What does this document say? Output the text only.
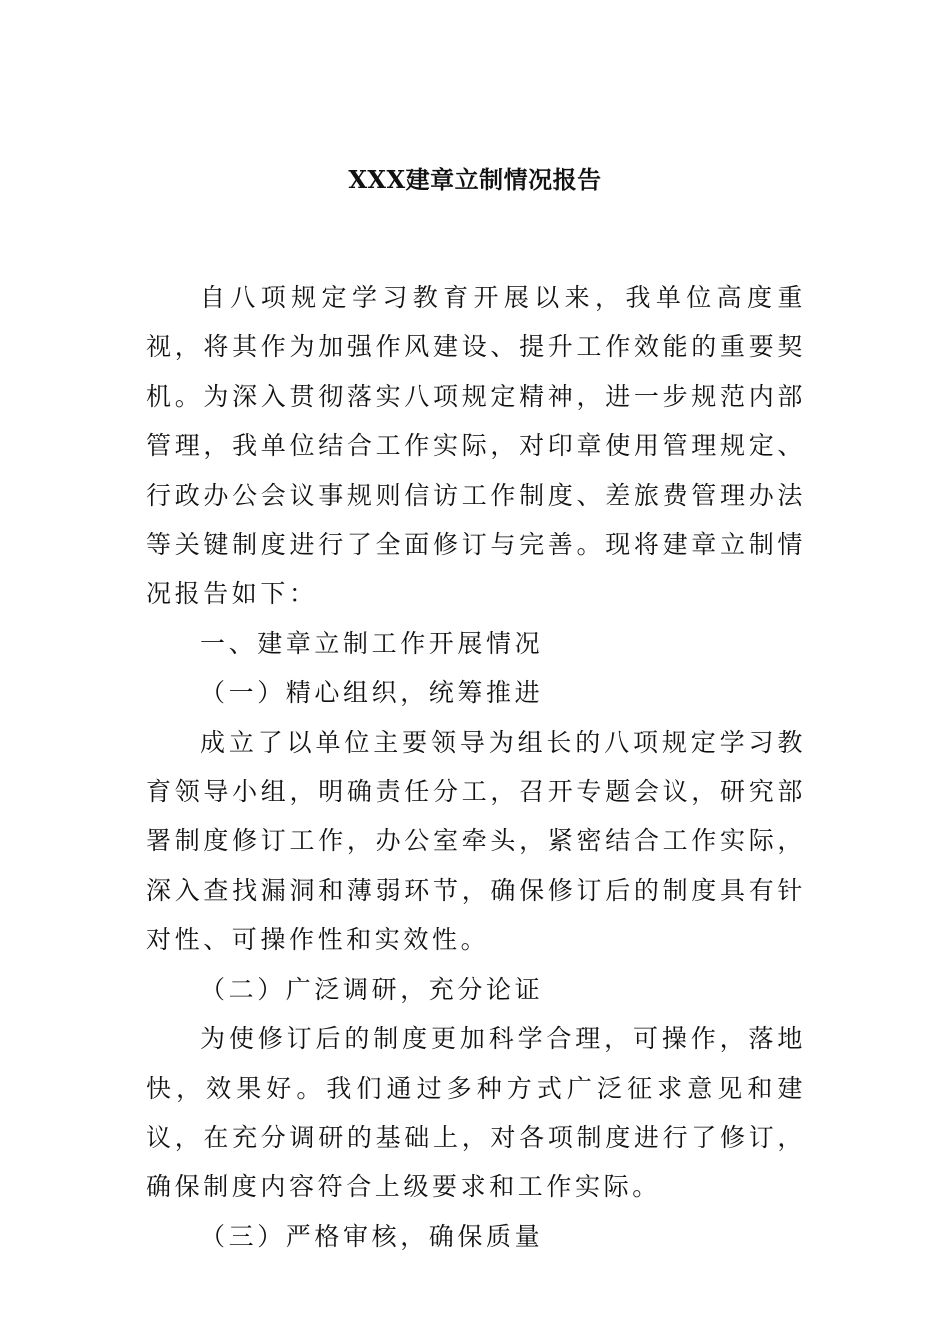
XXX建章立制情况报告

自八项规定学习教育开展以来，我单位高度重视，将其作为加强作风建设、提升工作效能的重要契机。为深入贯彻落实八项规定精神，进一步规范内部管理，我单位结合工作实际，对印章使用管理规定、行政办公会议事规则信访工作制度、差旅费管理办法等关键制度进行了全面修订与完善。现将建章立制情况报告如下：

一、建章立制工作开展情况

（一）精心组织，统筹推进

成立了以单位主要领导为组长的八项规定学习教育领导小组，明确责任分工，召开专题会议，研究部署制度修订工作，办公室牵头，紧密结合工作实际，深入查找漏洞和薄弱环节，确保修订后的制度具有针对性、可操作性和实效性。

（二）广泛调研，充分论证

为使修订后的制度更加科学合理，可操作，落地快，效果好。我们通过多种方式广泛征求意见和建议，在充分调研的基础上，对各项制度进行了修订，确保制度内容符合上级要求和工作实际。

（三）严格审核，确保质量
